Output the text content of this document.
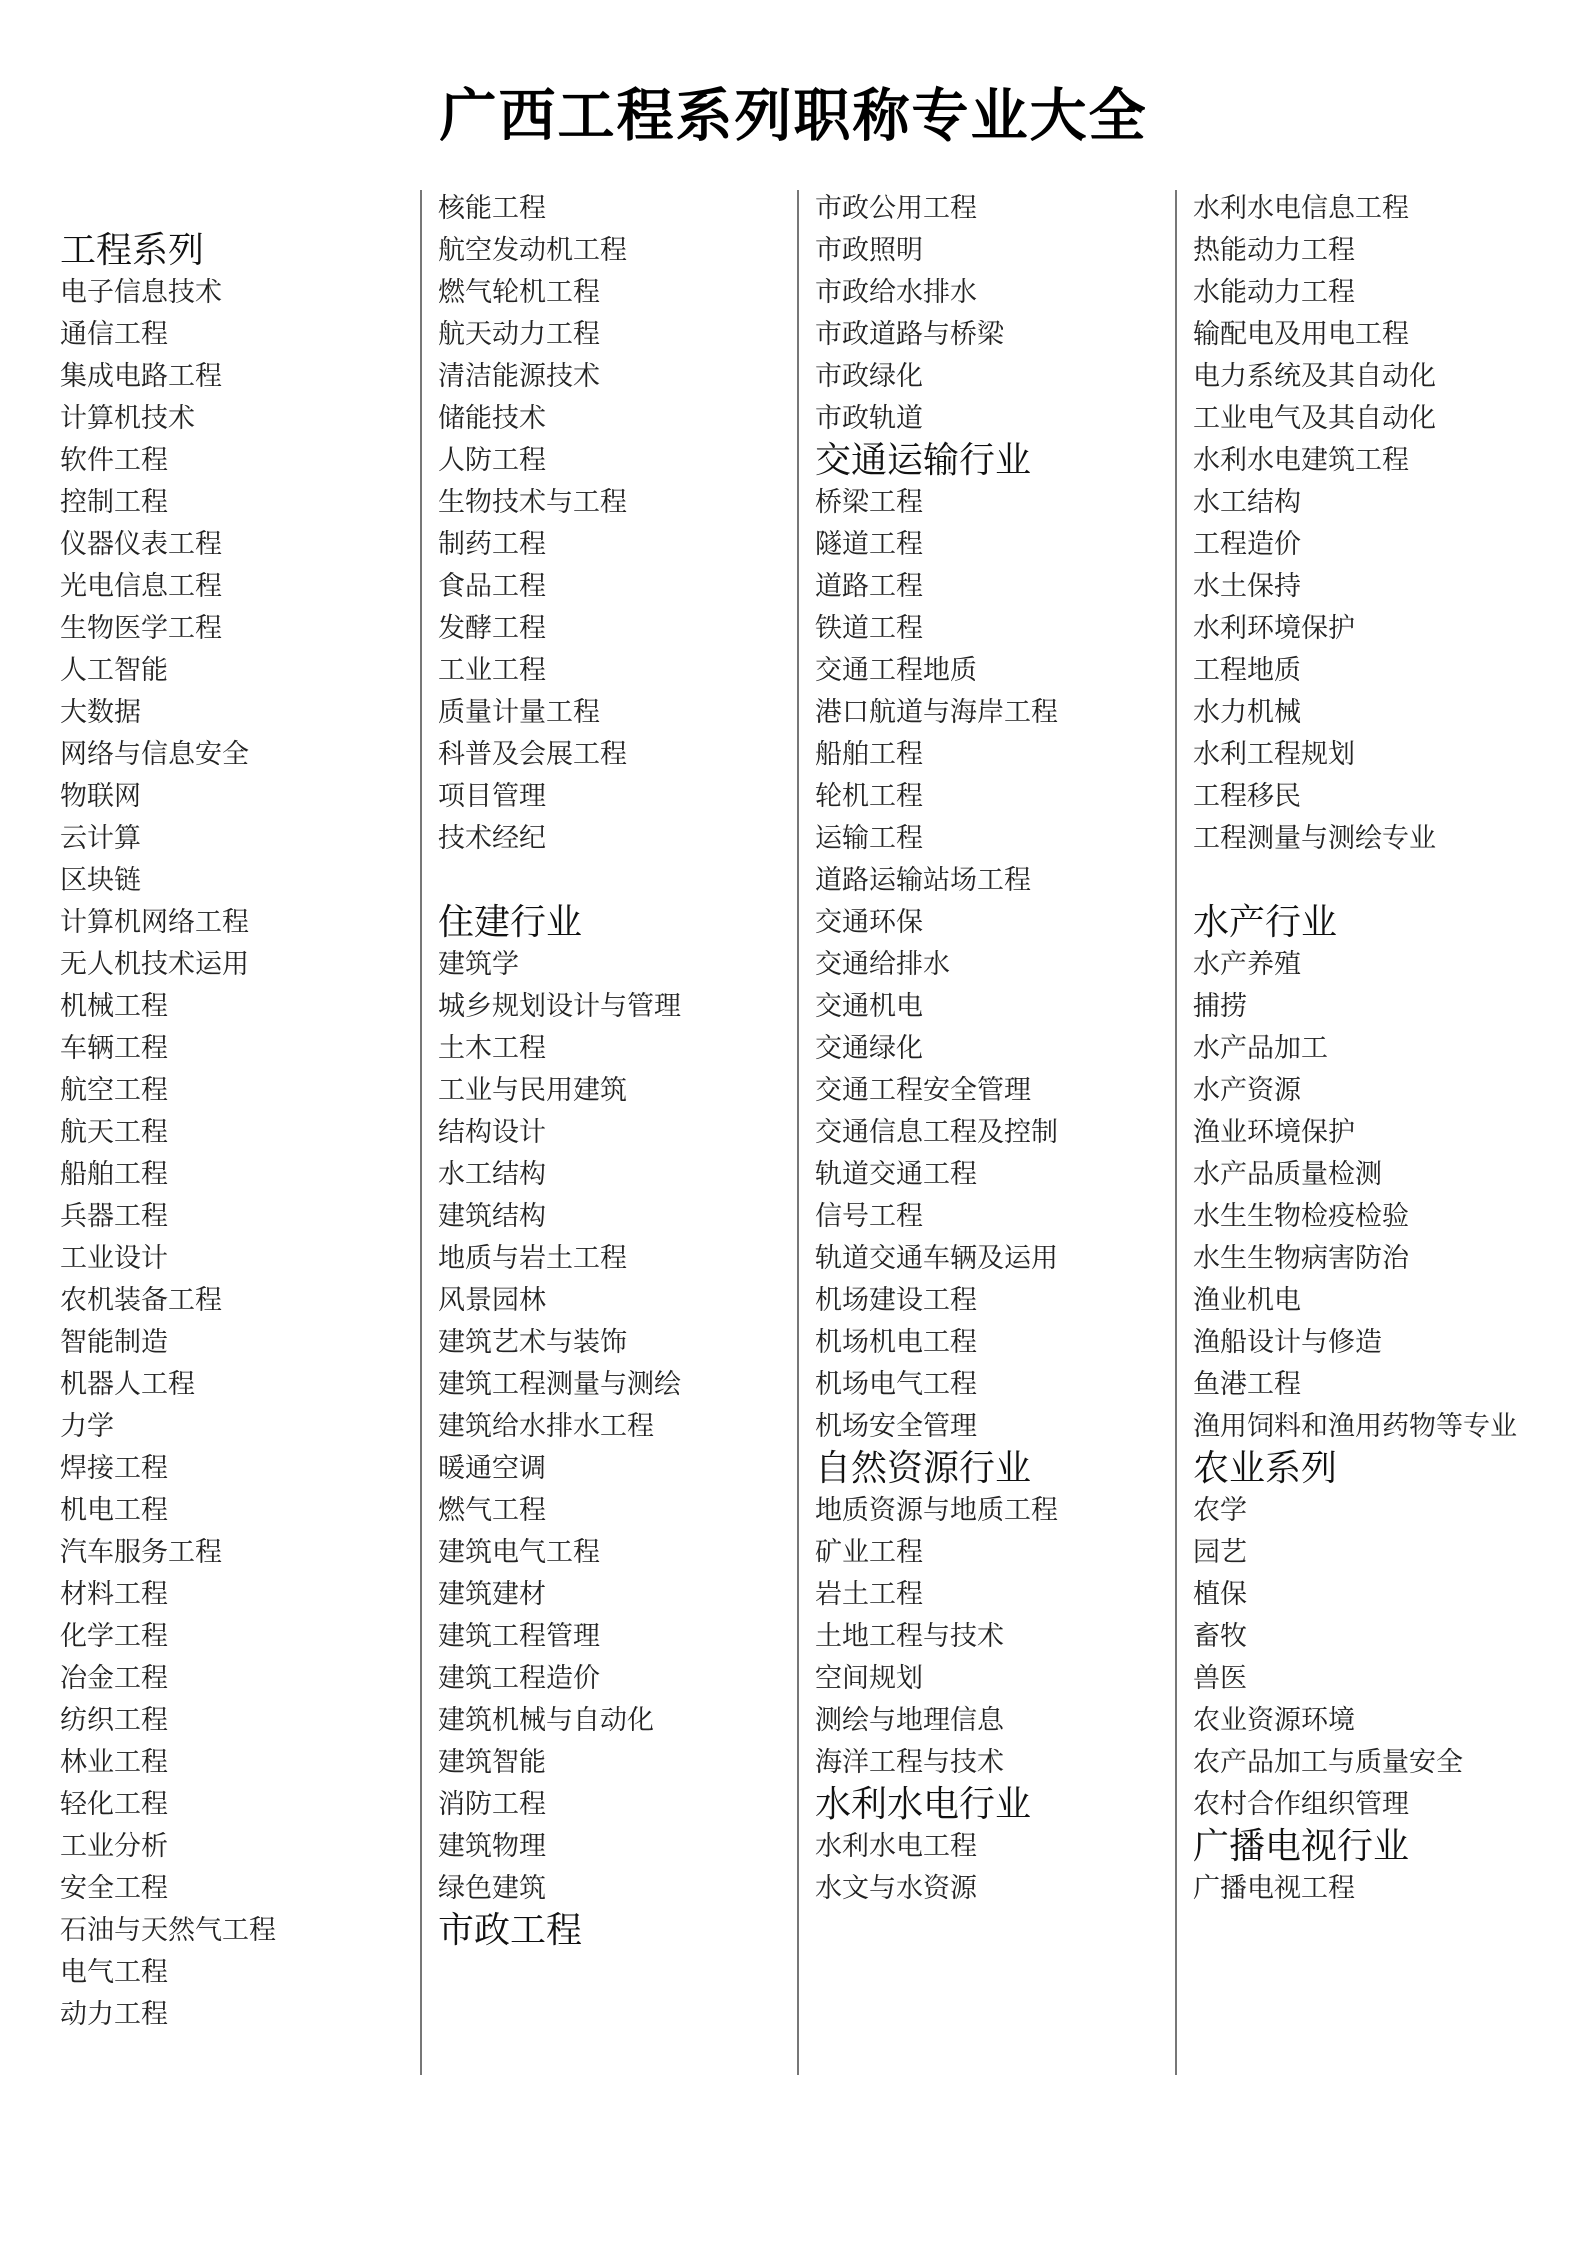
广西工程系列职称专业大全
工程系列
电子信息技术
通信工程
集成电路工程
计算机技术
软件工程
控制工程
仪器仪表工程
光电信息工程
生物医学工程
人工智能
大数据
网络与信息安全
物联网
云计算
区块链
计算机网络工程
无人机技术运用
机械工程
车辆工程
航空工程
航天工程
船舶工程
兵器工程
工业设计
农机装备工程
智能制造
机器人工程
力学
焊接工程
机电工程
汽车服务工程
材料工程
化学工程
冶金工程
纺织工程
林业工程
轻化工程
工业分析
安全工程
石油与天然气工程
电气工程
动力工程
核能工程
航空发动机工程
燃气轮机工程
航天动力工程
清洁能源技术
储能技术
人防工程
生物技术与工程
制药工程
食品工程
发酵工程
工业工程
质量计量工程
科普及会展工程
项目管理
技术经纪
住建行业
建筑学
城乡规划设计与管理
土木工程
工业与民用建筑
结构设计
水工结构
建筑结构
地质与岩土工程
风景园林
建筑艺术与装饰
建筑工程测量与测绘
建筑给水排水工程
暖通空调
燃气工程
建筑电气工程
建筑建材
建筑工程管理
建筑工程造价
建筑机械与自动化
建筑智能
消防工程
建筑物理
绿色建筑
市政工程
市政公用工程
市政照明
市政给水排水
市政道路与桥梁
市政绿化
市政轨道
交通运输行业
桥梁工程
隧道工程
道路工程
铁道工程
交通工程地质
港口航道与海岸工程
船舶工程
轮机工程
运输工程
道路运输站场工程
交通环保
交通给排水
交通机电
交通绿化
交通工程安全管理
交通信息工程及控制
轨道交通工程
信号工程
轨道交通车辆及运用
机场建设工程
机场机电工程
机场电气工程
机场安全管理
自然资源行业
地质资源与地质工程
矿业工程
岩土工程
土地工程与技术
空间规划
测绘与地理信息
海洋工程与技术
水利水电行业
水利水电工程
水文与水资源
水利水电信息工程
热能动力工程
水能动力工程
输配电及用电工程
电力系统及其自动化
工业电气及其自动化
水利水电建筑工程
水工结构
工程造价
水土保持
水利环境保护
工程地质
水力机械
水利工程规划
工程移民
工程测量与测绘专业
水产行业
水产养殖
捕捞
水产品加工
水产资源
渔业环境保护
水产品质量检测
水生生物检疫检验
水生生物病害防治
渔业机电
渔船设计与修造
鱼港工程
渔用饲料和渔用药物等专业
农业系列
农学
园艺
植保
畜牧
兽医
农业资源环境
农产品加工与质量安全
农村合作组织管理
广播电视行业
广播电视工程
